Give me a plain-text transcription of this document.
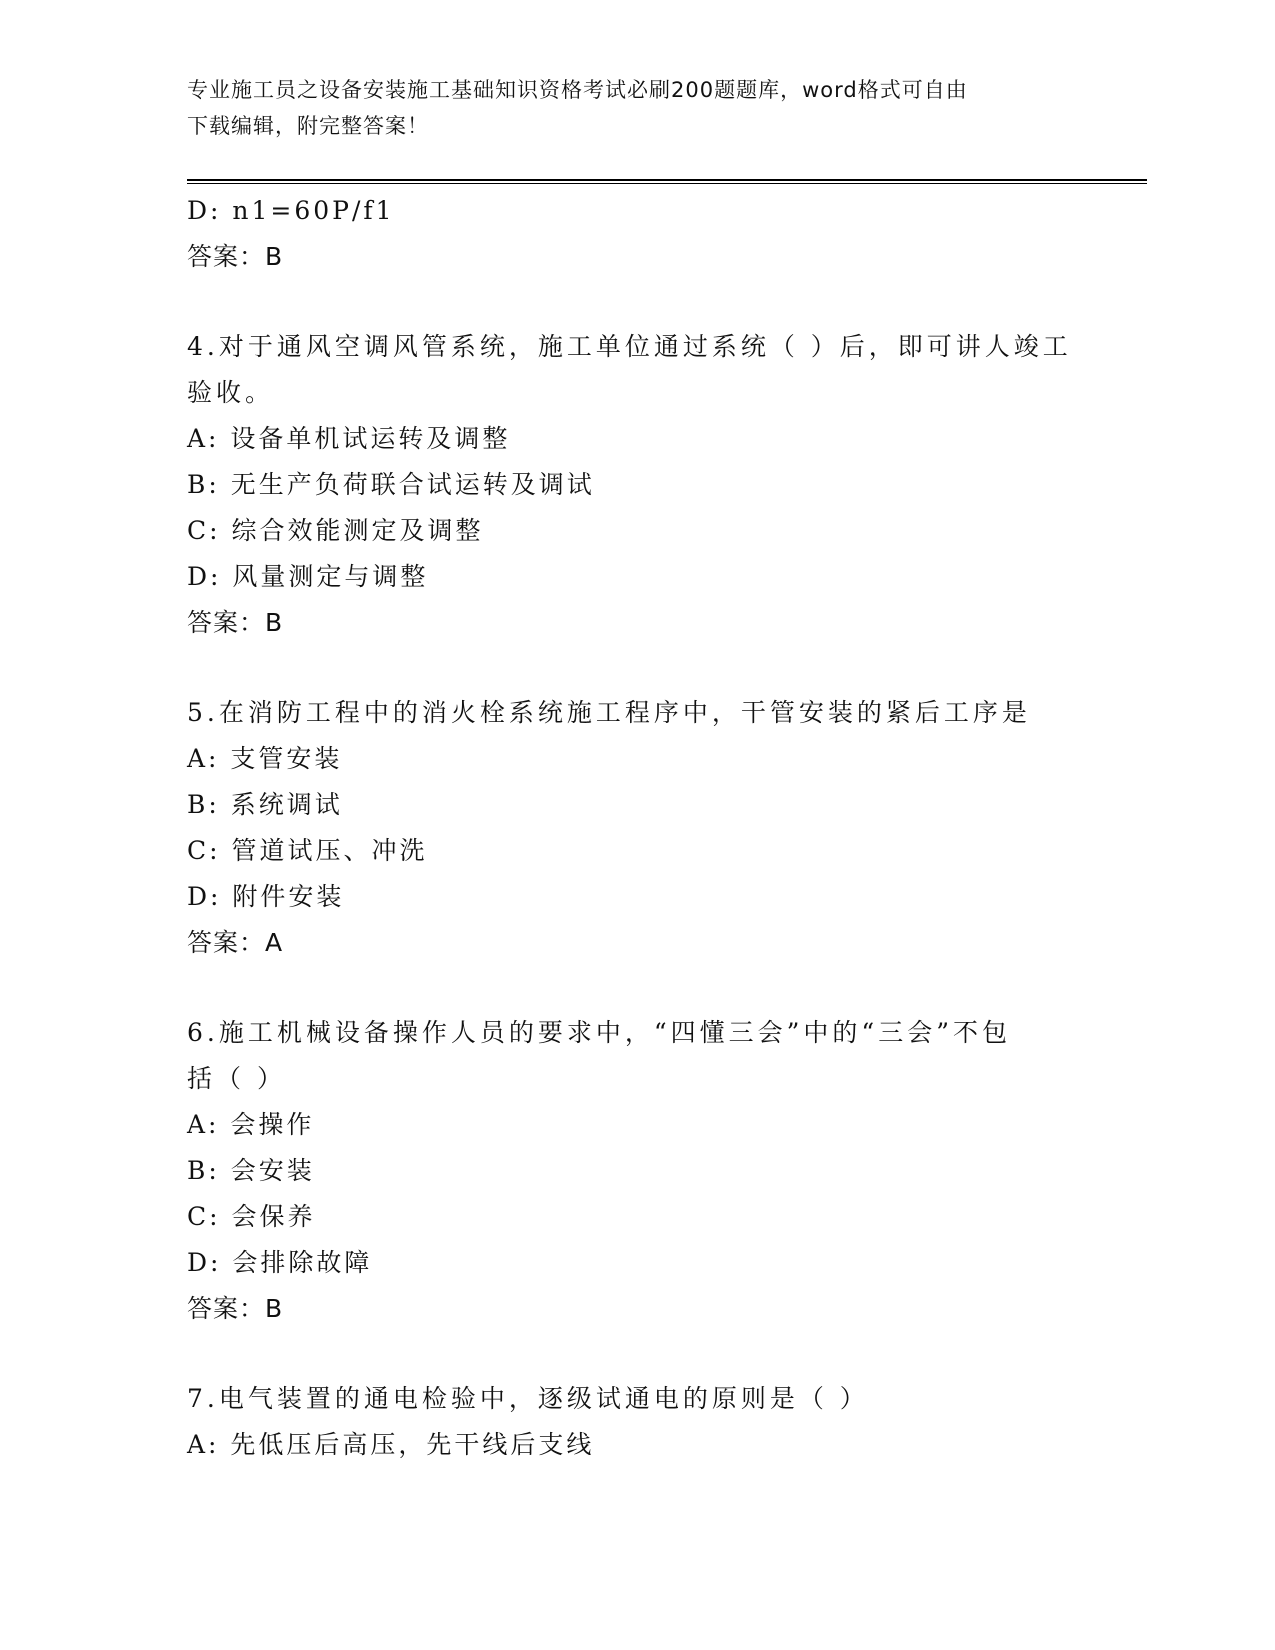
专业施工员之设备安装施工基础知识资格考试必刷200题题库，word格式可自由
下载编辑，附完整答案！
D: n1=60P/f1
答案：B
4.对于通风空调风管系统，施工单位通过系统（ ）后，即可讲人竣工
验收。
A: 设备单机试运转及调整
B: 无生产负荷联合试运转及调试
C: 综合效能测定及调整
D: 风量测定与调整
答案：B
5.在消防工程中的消火栓系统施工程序中，干管安装的紧后工序是
A: 支管安装
B: 系统调试
C: 管道试压、冲洗
D: 附件安装
答案：A
6.施工机械设备操作人员的要求中，“四懂三会”中的“三会”不包
括（ ）
A: 会操作
B: 会安装
C: 会保养
D: 会排除故障
答案：B
7.电气装置的通电检验中，逐级试通电的原则是（ ）
A: 先低压后高压，先干线后支线
